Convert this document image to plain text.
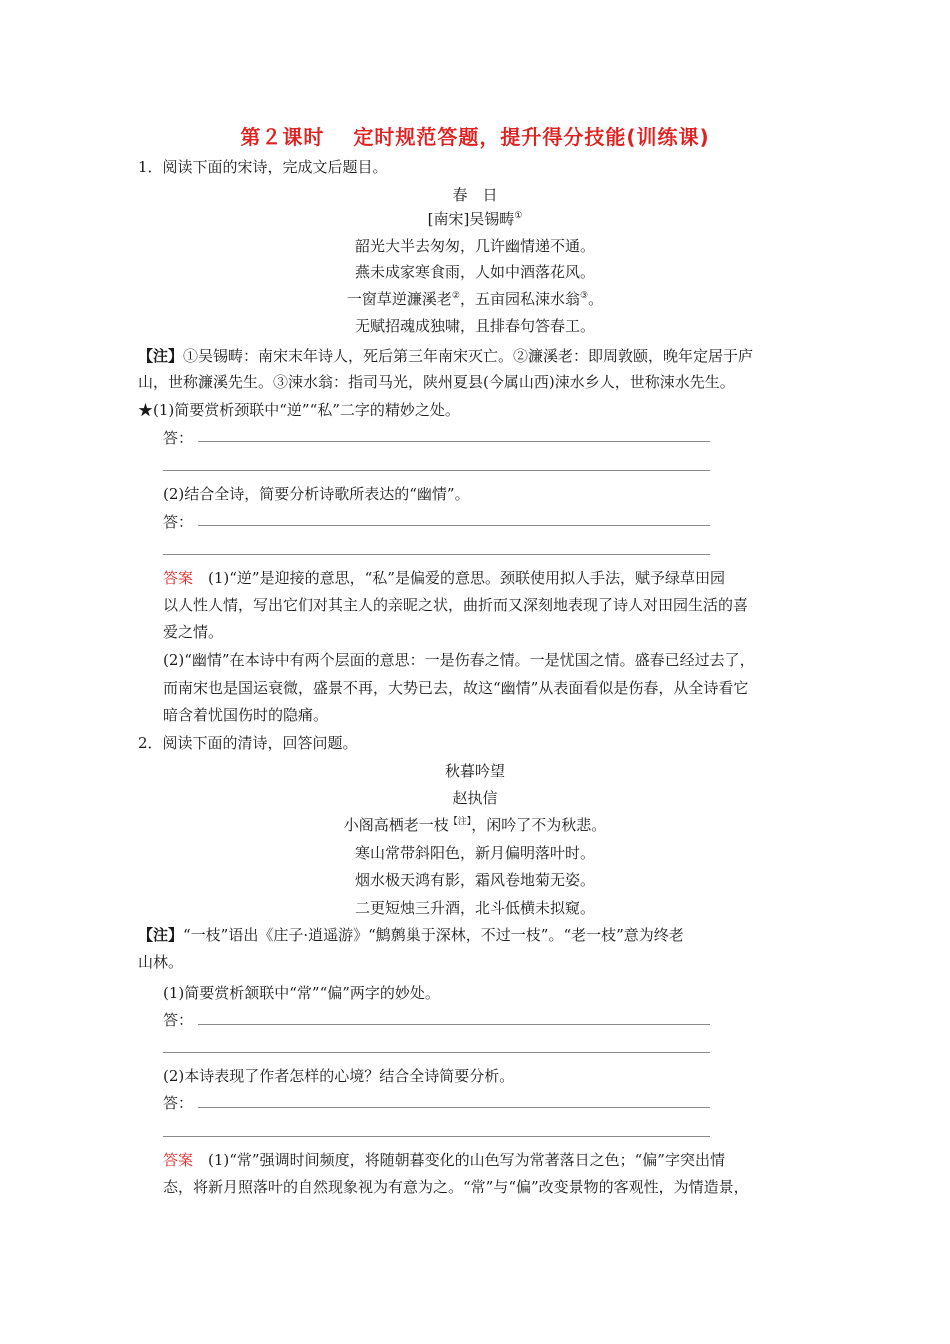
第２课时　 定时规范答题，提升得分技能(训练课)
1．阅读下面的宋诗，完成文后题目。
春　日
[南宋]吴锡畴①
韶光大半去匆匆，几许幽情递不通。
燕未成家寒食雨，人如中酒落花风。
一窗草逆濂溪老②，五亩园私涑水翁③。
无赋招魂成独啸，且排春句答春工。
【注】①吴锡畴：南宋末年诗人，死后第三年南宋灭亡。②濂溪老：即周敦颐，晚年定居于庐
山，世称濂溪先生。③涑水翁：指司马光，陕州夏县(今属山西)涑水乡人，世称涑水先生。
★(1)简要赏析颈联中“逆”“私”二字的精妙之处。
答：
(2)结合全诗，简要分析诗歌所表达的“幽情”。
答：
答案　(1)“逆”是迎接的意思，“私”是偏爱的意思。颈联使用拟人手法，赋予绿草田园
以人性人情，写出它们对其主人的亲昵之状，曲折而又深刻地表现了诗人对田园生活的喜
爱之情。
(2)“幽情”在本诗中有两个层面的意思：一是伤春之情。一是忧国之情。盛春已经过去了，
而南宋也是国运衰微，盛景不再，大势已去，故这“幽情”从表面看似是伤春，从全诗看它
暗含着忧国伤时的隐痛。
2．阅读下面的清诗，回答问题。
秋暮吟望
赵执信
小阁高栖老一枝$^{【注】}$，闲吟了不为秋悲。
寒山常带斜阳色，新月偏明落叶时。
烟水极天鸿有影，霜风卷地菊无姿。
二更短烛三升酒，北斗低横未拟窥。
【注】“一枝”语出《庄子·逍遥游》“鹪鹩巢于深林，不过一枝”。“老一枝”意为终老
山林。
(1)简要赏析颔联中“常”“偏”两字的妙处。
答：
(2)本诗表现了作者怎样的心境？结合全诗简要分析。
答：
答案　(1)“常”强调时间频度，将随朝暮变化的山色写为常著落日之色；“偏”字突出情
态，将新月照落叶的自然现象视为有意为之。“常”与“偏”改变景物的客观性，为情造景，
